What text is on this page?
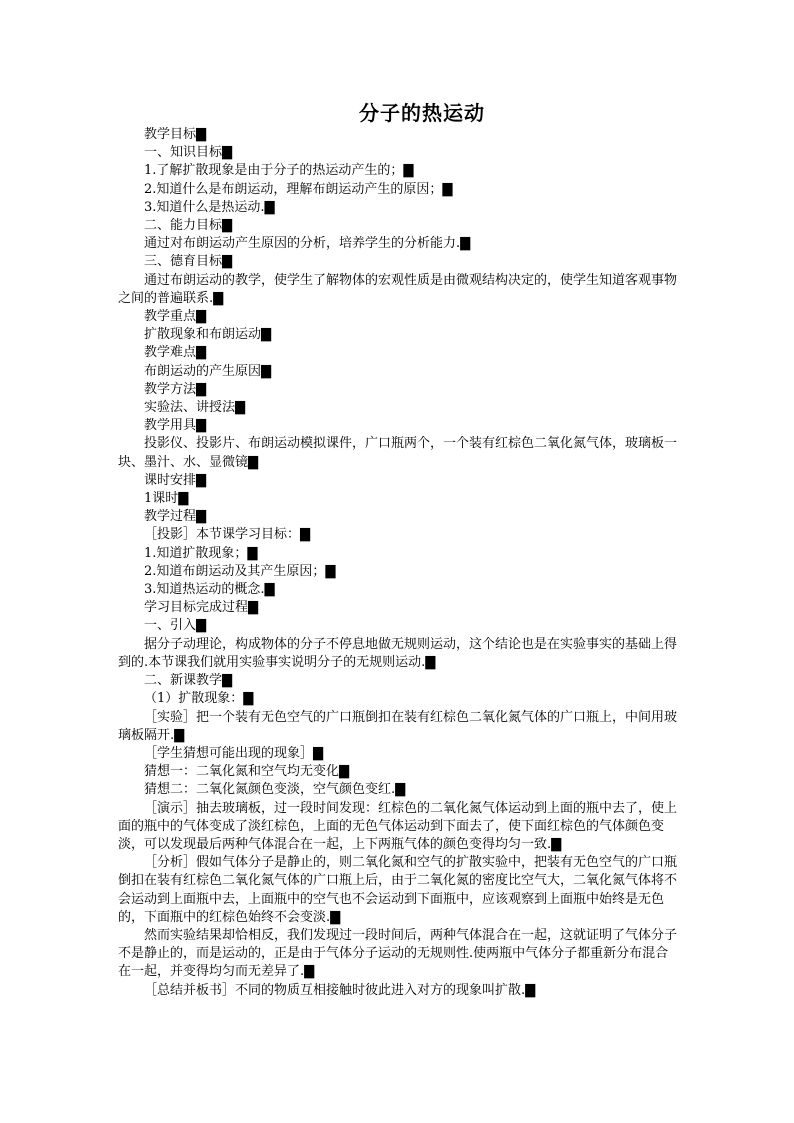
分子的热运动

教学目标▇

一、知识目标▇

1.了解扩散现象是由于分子的热运动产生的；▇

2.知道什么是布朗运动，理解布朗运动产生的原因；▇

3.知道什么是热运动.▇

二、能力目标▇

通过对布朗运动产生原因的分析，培养学生的分析能力.▇

三、德育目标▇

通过布朗运动的教学，使学生了解物体的宏观性质是由微观结构决定的，使学生知道客观事物之间的普遍联系.▇

教学重点▇

扩散现象和布朗运动▇

教学难点▇

布朗运动的产生原因▇

教学方法▇

实验法、讲授法▇

教学用具▇

投影仪、投影片、布朗运动模拟课件，广口瓶两个，一个装有红棕色二氧化氮气体，玻璃板一块、墨汁、水、显微镜▇

课时安排▇

1课时▇

教学过程▇

［投影］本节课学习目标：▇

1.知道扩散现象；▇

2.知道布朗运动及其产生原因；▇

3.知道热运动的概念.▇

学习目标完成过程▇

一、引入▇

据分子动理论，构成物体的分子不停息地做无规则运动，这个结论也是在实验事实的基础上得到的.本节课我们就用实验事实说明分子的无规则运动.▇

二、新课教学▇

（1）扩散现象：▇

［实验］把一个装有无色空气的广口瓶倒扣在装有红棕色二氧化氮气体的广口瓶上，中间用玻璃板隔开.▇

［学生猜想可能出现的现象］▇

猜想一：二氧化氮和空气均无变化▇

猜想二：二氧化氮颜色变淡，空气颜色变红.▇

［演示］抽去玻璃板，过一段时间发现：红棕色的二氧化氮气体运动到上面的瓶中去了，使上面的瓶中的气体变成了淡红棕色，上面的无色气体运动到下面去了，使下面红棕色的气体颜色变淡，可以发现最后两种气体混合在一起，上下两瓶气体的颜色变得均匀一致.▇

［分析］假如气体分子是静止的，则二氧化氮和空气的扩散实验中，把装有无色空气的广口瓶倒扣在装有红棕色二氧化氮气体的广口瓶上后，由于二氧化氮的密度比空气大，二氧化氮气体将不会运动到上面瓶中去，上面瓶中的空气也不会运动到下面瓶中，应该观察到上面瓶中始终是无色的，下面瓶中的红棕色始终不会变淡.▇

然而实验结果却恰相反，我们发现过一段时间后，两种气体混合在一起，这就证明了气体分子不是静止的，而是运动的，正是由于气体分子运动的无规则性.使两瓶中气体分子都重新分布混合在一起，并变得均匀而无差异了.▇

［总结并板书］不同的物质互相接触时彼此进入对方的现象叫扩散.▇
